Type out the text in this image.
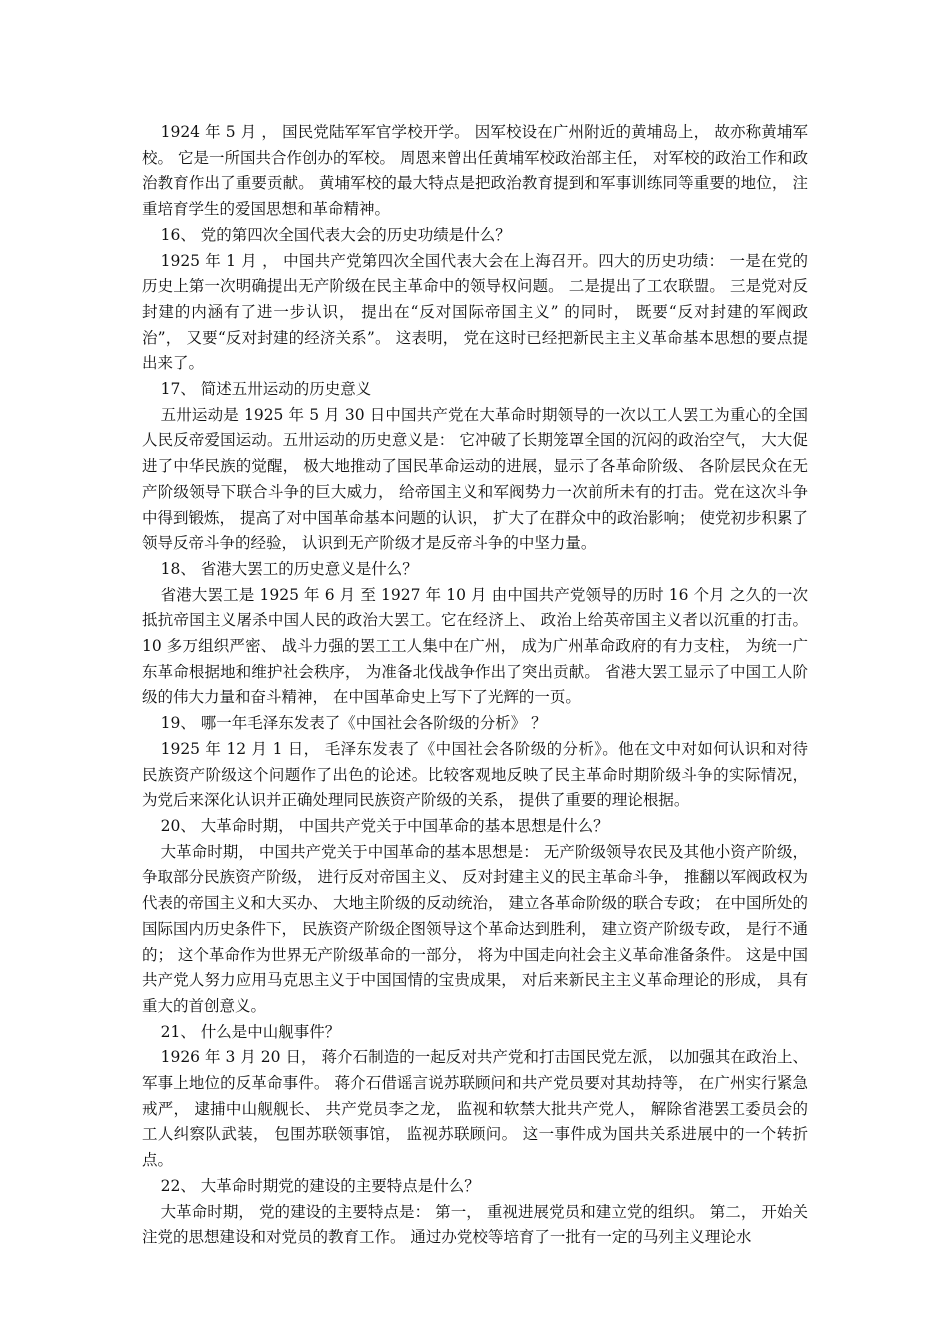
1924 年 5 月 ， 国民党陆军军官学校开学。 因军校设在广州附近的黄埔岛上， 故亦称黄埔军校。 它是一所国共合作创办的军校。 周恩来曾出任黄埔军校政治部主任， 对军校的政治工作和政治教育作出了重要贡献。 黄埔军校的最大特点是把政治教育提到和军事训练同等重要的地位， 注重培育学生的爱国思想和革命精神。

16、 党的第四次全国代表大会的历史功绩是什么？

1925 年 1 月 ， 中国共产党第四次全国代表大会在上海召开。四大的历史功绩： 一是在党的历史上第一次明确提出无产阶级在民主革命中的领导权问题。 二是提出了工农联盟。 三是党对反封建的内涵有了进一步认识， 提出在“反对国际帝国主义” 的同时， 既要“反对封建的军阀政治”， 又要“反对封建的经济关系”。 这表明， 党在这时已经把新民主主义革命基本思想的要点提出来了。

17、 简述五卅运动的历史意义

五卅运动是 1925 年 5 月 30 日中国共产党在大革命时期领导的一次以工人罢工为重心的全国人民反帝爱国运动。五卅运动的历史意义是： 它冲破了长期笼罩全国的沉闷的政治空气， 大大促进了中华民族的觉醒， 极大地推动了国民革命运动的进展，显示了各革命阶级、 各阶层民众在无产阶级领导下联合斗争的巨大威力， 给帝国主义和军阀势力一次前所未有的打击。党在这次斗争中得到锻炼， 提高了对中国革命基本问题的认识， 扩大了在群众中的政治影响； 使党初步积累了领导反帝斗争的经验， 认识到无产阶级才是反帝斗争的中坚力量。

18、 省港大罢工的历史意义是什么？

省港大罢工是 1925 年 6 月 至 1927 年 10 月 由中国共产党领导的历时 16 个月 之久的一次抵抗帝国主义屠杀中国人民的政治大罢工。它在经济上、 政治上给英帝国主义者以沉重的打击。 10 多万组织严密、 战斗力强的罢工工人集中在广州， 成为广州革命政府的有力支柱， 为统一广东革命根据地和维护社会秩序， 为准备北伐战争作出了突出贡献。 省港大罢工显示了中国工人阶级的伟大力量和奋斗精神， 在中国革命史上写下了光辉的一页。

19、 哪一年毛泽东发表了《中国社会各阶级的分析》 ？

1925 年 12 月 1 日， 毛泽东发表了《中国社会各阶级的分析》。他在文中对如何认识和对待民族资产阶级这个问题作了出色的论述。比较客观地反映了民主革命时期阶级斗争的实际情况， 为党后来深化认识并正确处理同民族资产阶级的关系， 提供了重要的理论根据。

20、 大革命时期， 中国共产党关于中国革命的基本思想是什么？

大革命时期， 中国共产党关于中国革命的基本思想是： 无产阶级领导农民及其他小资产阶级， 争取部分民族资产阶级， 进行反对帝国主义、 反对封建主义的民主革命斗争， 推翻以军阀政权为代表的帝国主义和大买办、 大地主阶级的反动统治， 建立各革命阶级的联合专政； 在中国所处的国际国内历史条件下， 民族资产阶级企图领导这个革命达到胜利， 建立资产阶级专政， 是行不通的； 这个革命作为世界无产阶级革命的一部分， 将为中国走向社会主义革命准备条件。 这是中国共产党人努力应用马克思主义于中国国情的宝贵成果， 对后来新民主主义革命理论的形成， 具有重大的首创意义。

21、 什么是中山舰事件？

1926 年 3 月 20 日， 蒋介石制造的一起反对共产党和打击国民党左派， 以加强其在政治上、 军事上地位的反革命事件。 蒋介石借谣言说苏联顾问和共产党员要对其劫持等， 在广州实行紧急戒严， 逮捕中山舰舰长、 共产党员李之龙， 监视和软禁大批共产党人， 解除省港罢工委员会的工人纠察队武装， 包围苏联领事馆， 监视苏联顾问。 这一事件成为国共关系进展中的一个转折点。

22、 大革命时期党的建设的主要特点是什么？

大革命时期， 党的建设的主要特点是： 第一， 重视进展党员和建立党的组织。 第二， 开始关注党的思想建设和对党员的教育工作。 通过办党校等培育了一批有一定的马列主义理论水
